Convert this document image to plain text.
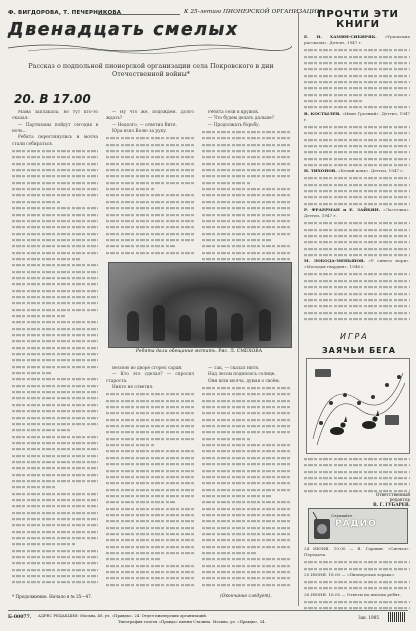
Ф. ВИГДОРОВА, Т. ПЕЧЕРНИКОВА	К 25-летию ПИОНЕРСКОЙ ОРГАНИЗАЦИИ
Двенадцать смелых
Рассказ о подпольной пионерской организации села Покровского в дни Отечественной войны*
20. В 17.00

Мама заплакала, но тут кто-то сказал:

— Партизаны пойдут сегодня в ночь...

Ребята переглянулись и молча стали собираться.

— Ну что же, подождём. Долго ждать?

— Недолго, — ответил Витя.

Юра взял Колю за руку.

Ребята сели в кружок.

— Что будем делать дальше?

— Продолжать борьбу.

Ребята дали обещание мстить. Рис. Л. СМЕХОВА

Весною во дворе сгорел сарай.

— Кто это сделал? — спросил староста.

Никто не ответил.

— Так, — сказал Витя.

Над лесом поднялось солнце.

Они шли молча, думая о своём.

* Продолжение. Начало в № 35—47.	(Окончание следует).
ПРОЧТИ ЭТИ КНИГИ

Е. Н. ХАМИН-СИБИРЯК. «Уральские рассказы». Детгиз, 1947 г.

В. КОСТЫЛЕВ. «Иван Грозный». Детгиз, 1947 г.

Н. ТИХОНОВ. «Белый конь». Детгиз, 1947 г.

Р. ФРАЕРМАН и Е. ЗАЙКИН. «Ласточка». Детгиз, 1947 г.

М. ЛОБОДА-МЕНЬШОВ. «У синего моря». «Молодая гвардия», 1946 г.

ИГРА
ЗАЯЧЬИ БЕГА
Ответственный редактор
В. Г. ГУБАРЕВ.
Слушайте
РАДИО

24 ИЮНЯ. 10.00 — В. Гаршин. «Сигнал». Передача.

25 ИЮНЯ. 18.00 — «Пионерская зорька».

26 ИЮНЯ. 16.00 — Ответы на письма ребят.

Б-00077. АДРЕС РЕДАКЦИИ: Москва, 40, ул. «Правды», 24. Отдел пионерских организаций.
Типография газеты «Правда» имени Сталина. Москва, ул. «Правды», 24.
Зак. 1985
